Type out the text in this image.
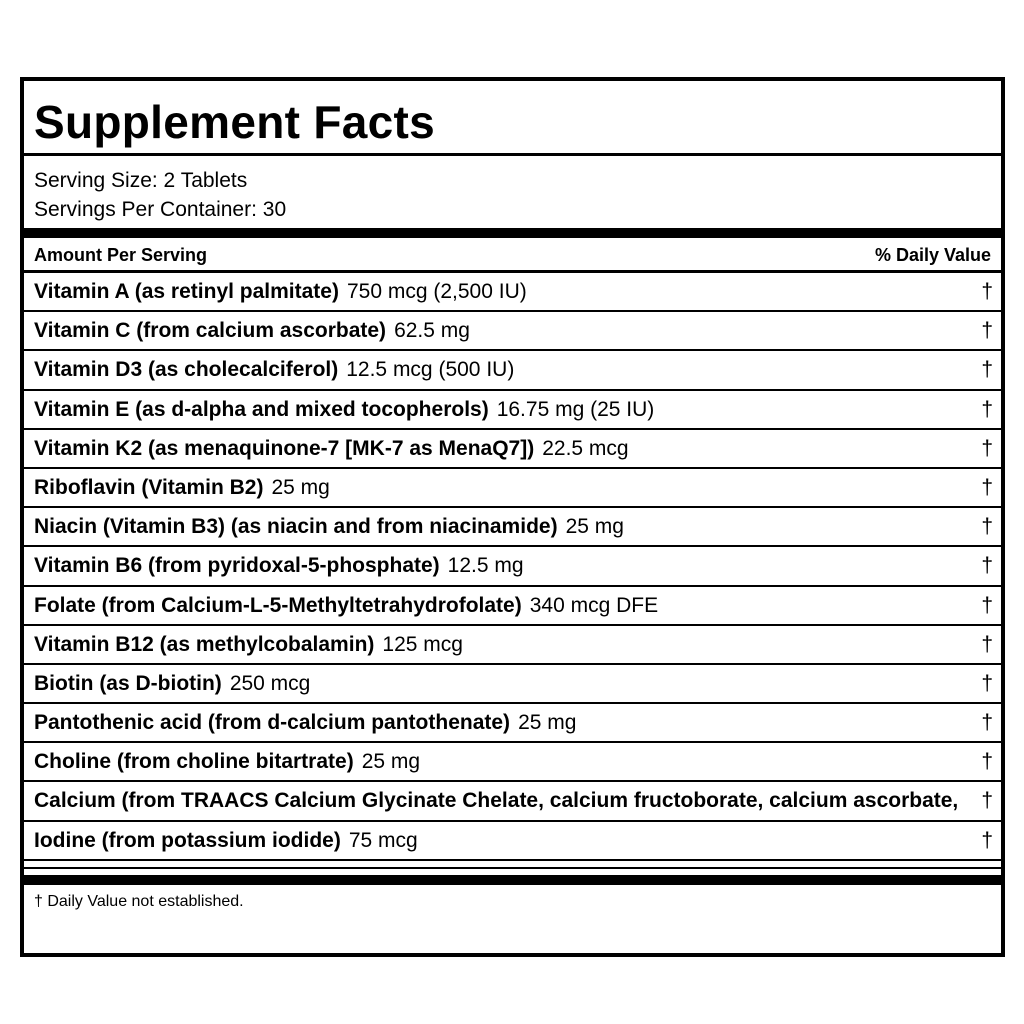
Supplement Facts
Serving Size: 2 Tablets
Servings Per Container: 30
Amount Per Serving	% Daily Value
Vitamin A (as retinyl palmitate) 750 mcg (2,500 IU)	†
Vitamin C (from calcium ascorbate) 62.5 mg	†
Vitamin D3 (as cholecalciferol) 12.5 mcg (500 IU)	†
Vitamin E (as d-alpha and mixed tocopherols) 16.75 mg (25 IU)	†
Vitamin K2 (as menaquinone-7 [MK-7 as MenaQ7]) 22.5 mcg	†
Riboflavin (Vitamin B2) 25 mg	†
Niacin (Vitamin B3) (as niacin and from niacinamide) 25 mg	†
Vitamin B6 (from pyridoxal-5-phosphate) 12.5 mg	†
Folate (from Calcium-L-5-Methyltetrahydrofolate) 340 mcg DFE	†
Vitamin B12 (as methylcobalamin) 125 mcg	†
Biotin (as D-biotin) 250 mcg	†
Pantothenic acid (from d-calcium pantothenate) 25 mg	†
Choline (from choline bitartrate) 25 mg	†
Calcium (from TRAACS Calcium Glycinate Chelate, calcium fructoborate, calcium ascorbate,	†
Iodine (from potassium iodide) 75 mcg	†
† Daily Value not established.
